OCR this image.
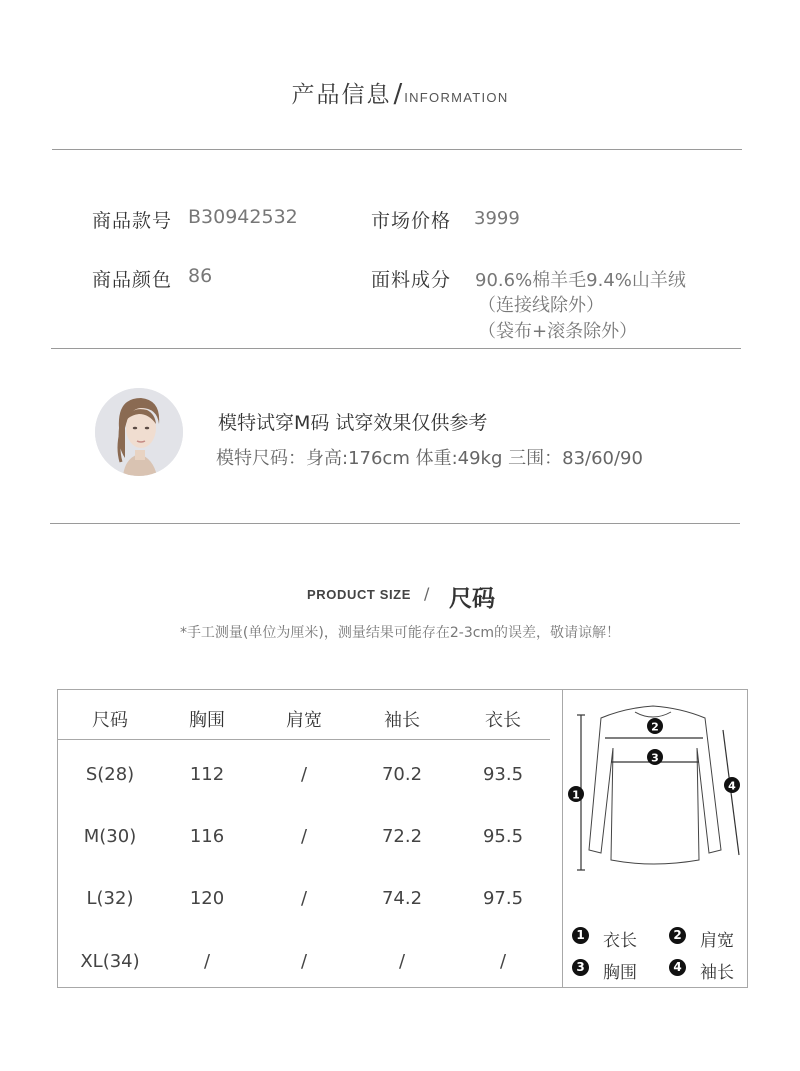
产品信息/ INFORMATION
商品款号 B30942532	市场价格 3999
商品颜色 86	面料成分 90.6%棉羊毛9.4%山羊绒
（连接线除外）
（袋布+滚条除外）
模特试穿M码 试穿效果仅供参考
模特尺码：身高:176cm 体重:49kg 三围：83/60/90
PRODUCT SIZE / 尺码
*手工测量(单位为厘米)，测量结果可能存在2-3cm的误差，敬请谅解！
尺码	胸围	肩宽	袖长	衣长
S(28)	112	/	70.2	93.5
M(30)	116	/	72.2	95.5
L(32)	120	/	74.2	97.5
XL(34)	/	/	/	/
1
2
3
4
1 衣长	2 肩宽
3 胸围	4 袖长
